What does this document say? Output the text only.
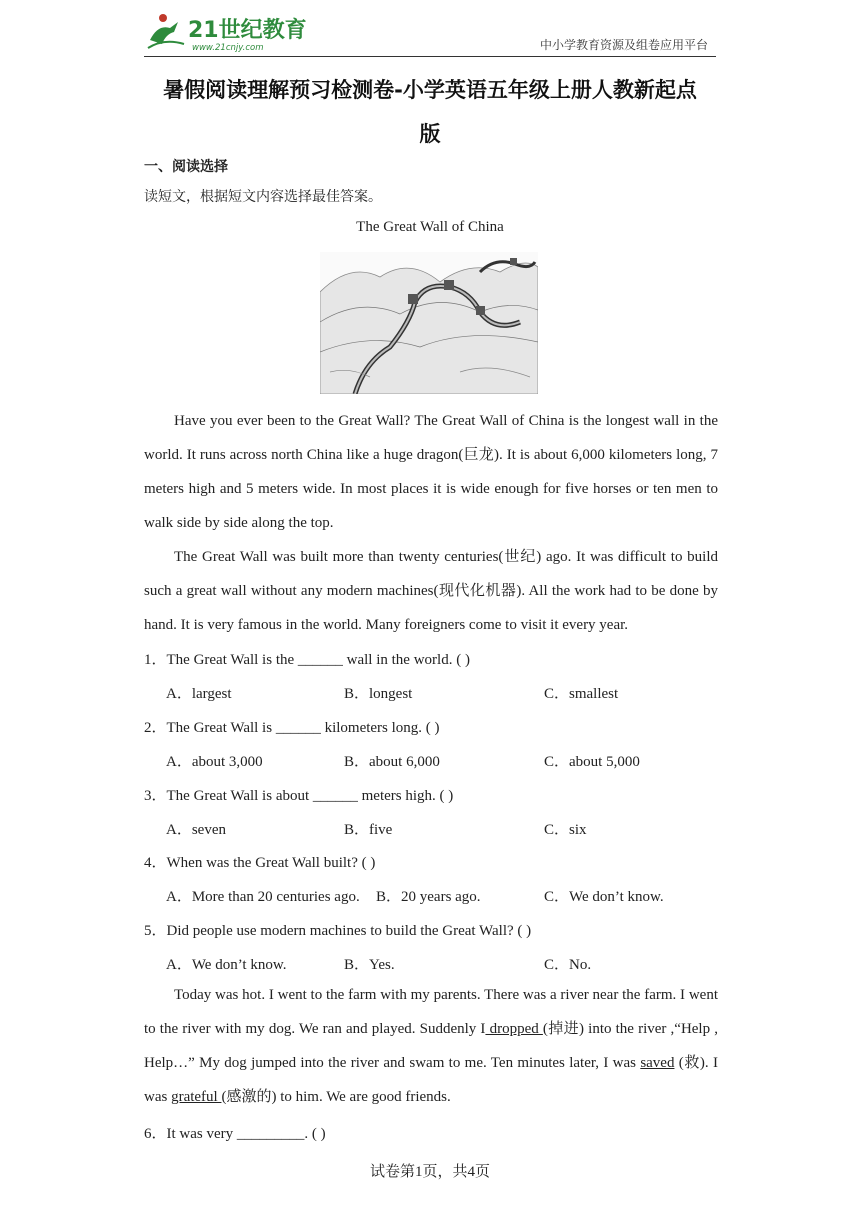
21世纪教育
www.21cnjy.com	中小学教育资源及组卷应用平台
暑假阅读理解预习检测卷-小学英语五年级上册人教新起点
版
一、阅读选择
读短文，根据短文内容选择最佳答案。
The Great Wall of China

Have you ever been to the Great Wall? The Great Wall of China is the longest wall in the world. It runs across north China like a huge dragon(巨龙). It is about 6,000 kilometers long, 7 meters high and 5 meters wide. In most places it is wide enough for five horses or ten men to walk side by side along the top.

The Great Wall was built more than twenty centuries(世纪) ago. It was difficult to build such a great wall without any modern machines(现代化机器). All the work had to be done by hand. It is very famous in the world. Many foreigners come to visit it every year.

1．The Great Wall is the ______ wall in the world. ( )
A．largest	B．longest	C．smallest
2．The Great Wall is ______ kilometers long. ( )
A．about 3,000	B．about 6,000	C．about 5,000
3．The Great Wall is about ______ meters high. ( )
A．seven	B．five	C．six
4．When was the Great Wall built? ( )
A．More than 20 centuries ago. B．20 years ago.	C．We don’t know.
5．Did people use modern machines to build the Great Wall? ( )
A．We don’t know.	B．Yes.	C．No.

Today was hot. I went to the farm with my parents. There was a river near the farm. I went to the river with my dog. We ran and played. Suddenly I dropped (掉进) into the river ,“Help , Help…” My dog jumped into the river and swam to me. Ten minutes later, I was saved (救). I was grateful (感激的) to him. We are good friends.

6．It was very _________. ( )
试卷第1页，共4页
